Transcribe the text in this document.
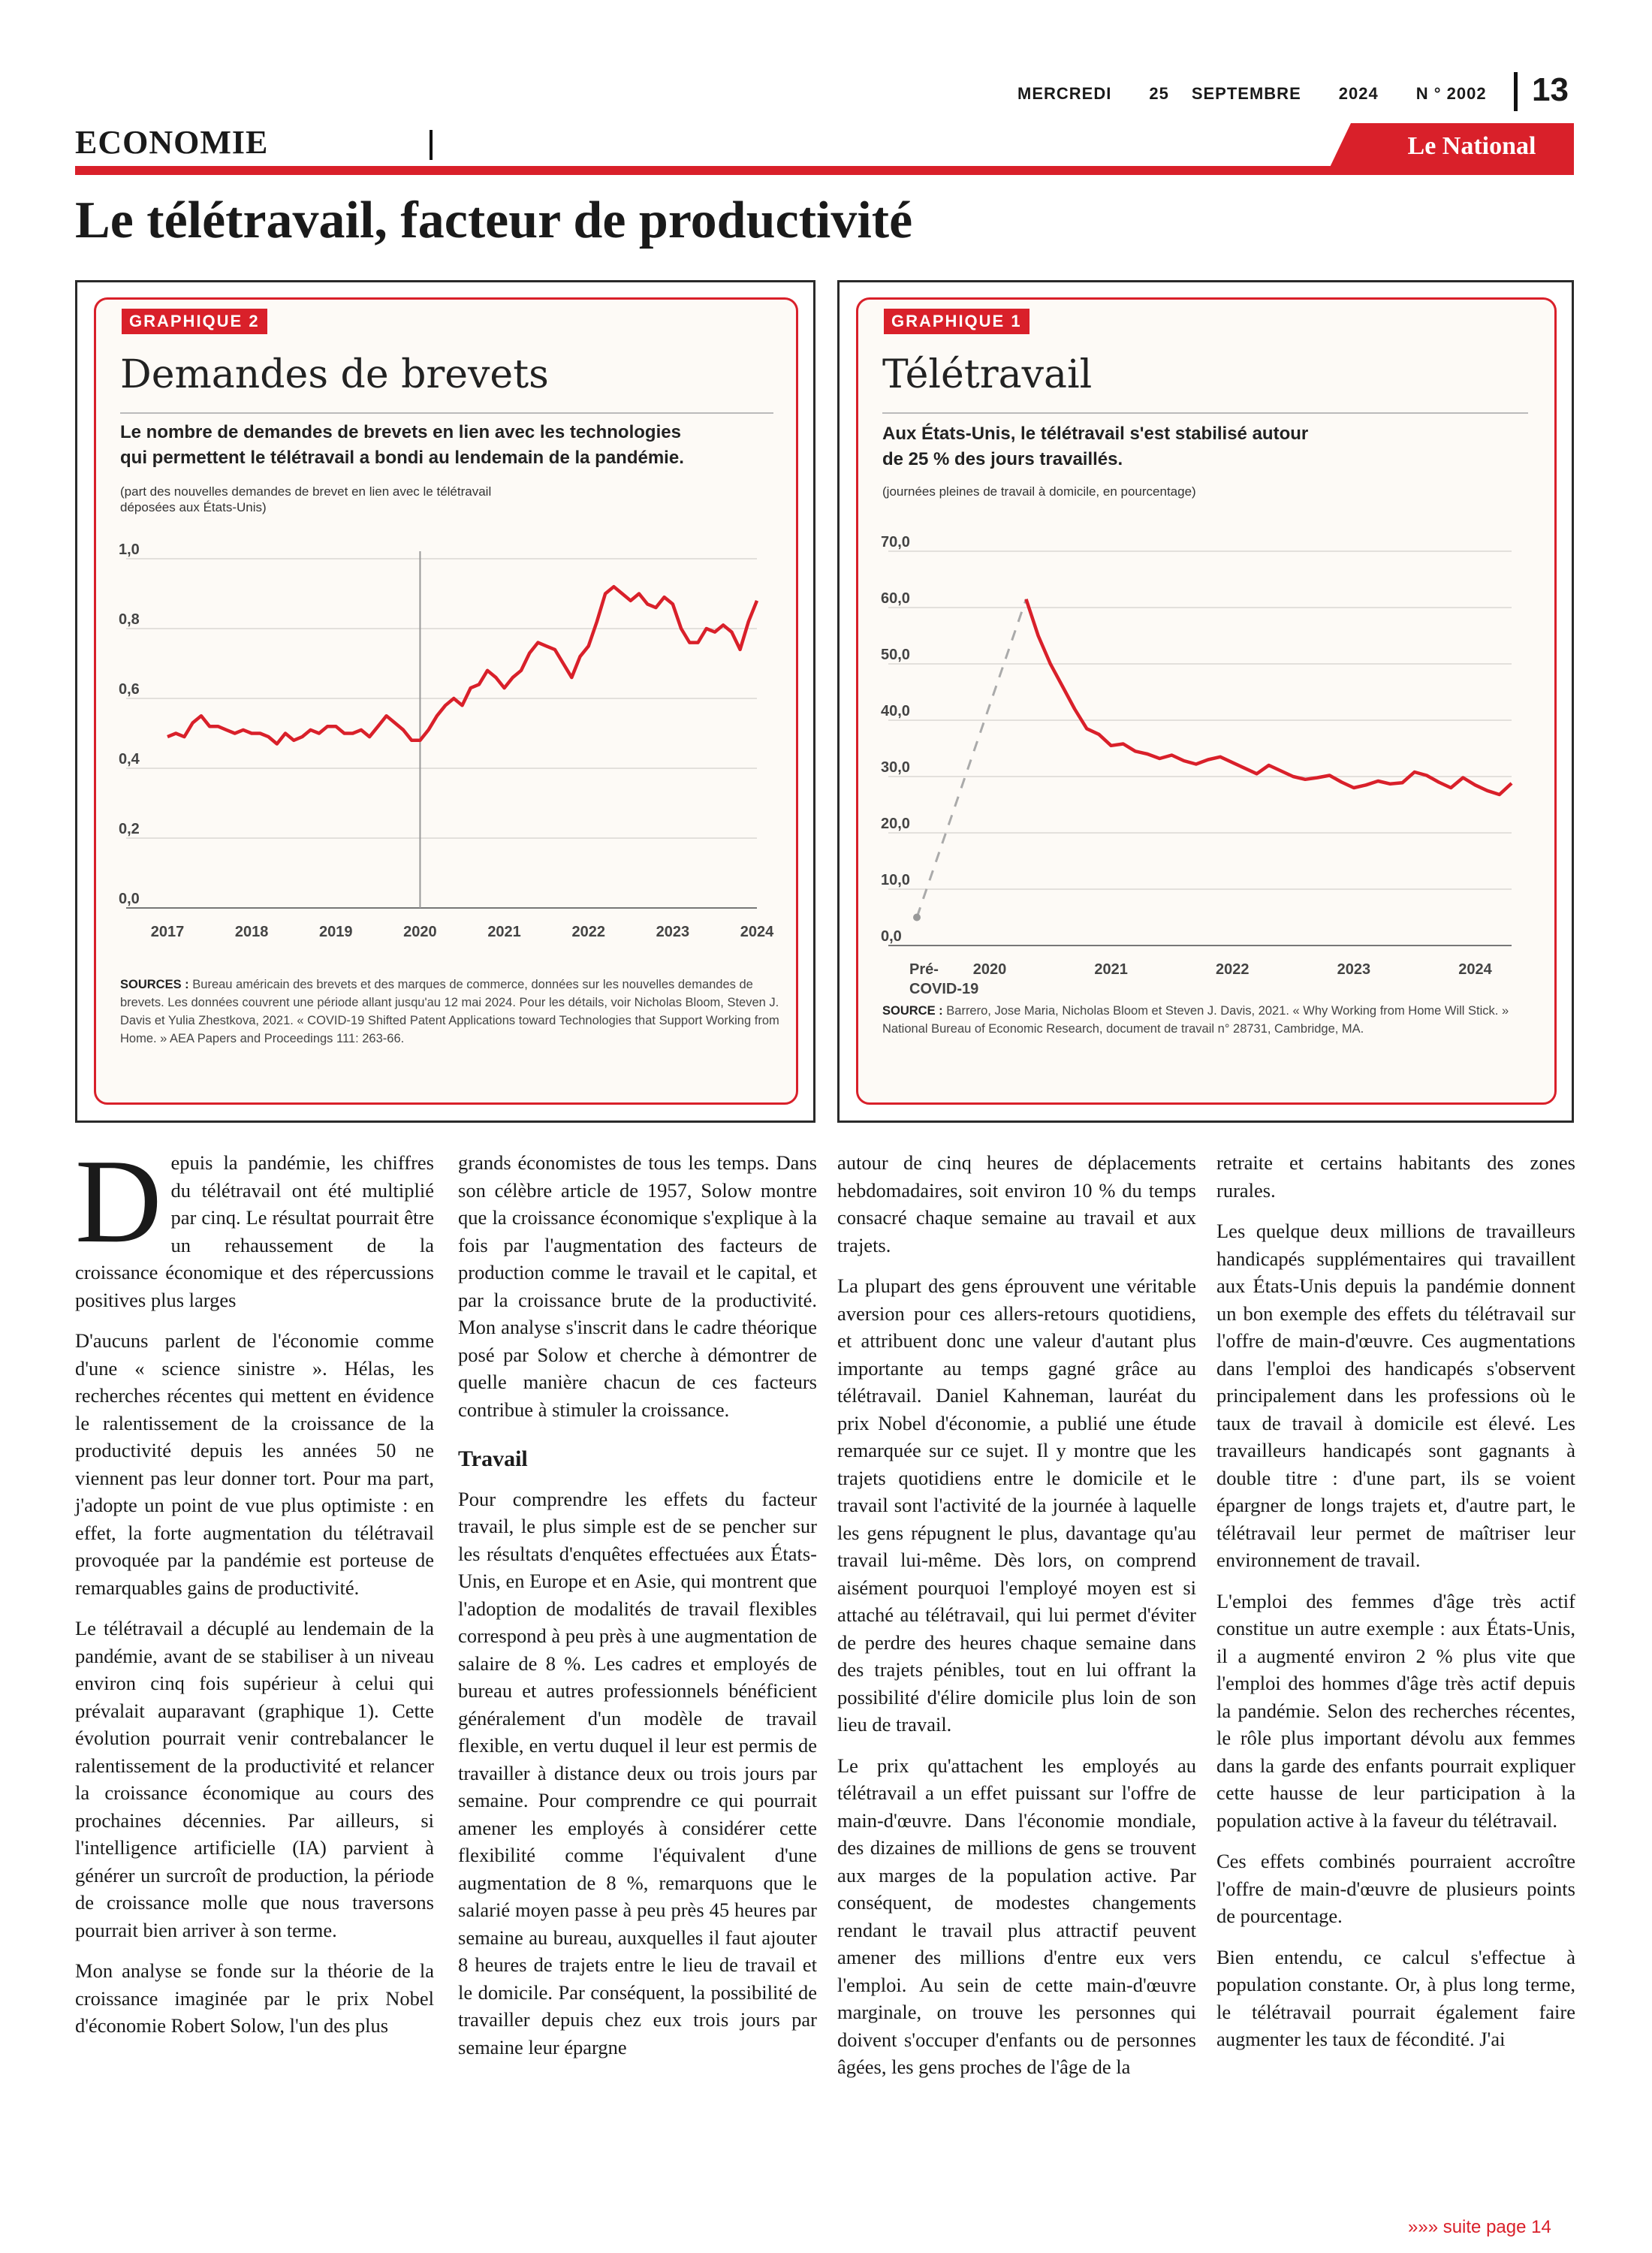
MERCREDI 25 SEPTEMBRE 2024 N ° 2002 13
ECONOMIE	Le National
Le télétravail, facteur de productivité
GRAPHIQUE 2
Demandes de brevets
Le nombre de demandes de brevets en lien avec les technologies
qui permettent le télétravail a bondi au lendemain de la pandémie.
(part des nouvelles demandes de brevet en lien avec le télétravail
déposées aux États-Unis)
1,0
0,8
0,6
0,4
0,2
0,0
2017	2018	2019	2020	2021	2022	2023	2024
SOURCES : Bureau américain des brevets et des marques de commerce, données sur les nouvelles demandes de brevets. Les données couvrent une période allant jusqu'au 12 mai 2024. Pour les détails, voir Nicholas Bloom, Steven J. Davis et Yulia Zhestkova, 2021. « COVID-19 Shifted Patent Applications toward Technologies that Support Working from Home. » AEA Papers and Proceedings 111: 263-66.
GRAPHIQUE 1
Télétravail
Aux États-Unis, le télétravail s'est stabilisé autour
de 25 % des jours travaillés.
(journées pleines de travail à domicile, en pourcentage)
70,0
60,0
50,0
40,0
30,0
20,0
10,0
0,0
2020	2021	2022	2023	2024
Pré-
COVID-19
SOURCE : Barrero, Jose Maria, Nicholas Bloom et Steven J. Davis, 2021. « Why Working from Home Will Stick. » National Bureau of Economic Research, document de travail n° 28731, Cambridge, MA.

Depuis la pandémie, les chiffres du télétravail ont été multiplié par cinq. Le résultat pourrait être un rehaussement de la croissance économique et des répercussions positives plus larges

D'aucuns parlent de l'économie comme d'une « science sinistre ». Hélas, les recherches récentes qui mettent en évidence le ralentissement de la croissance de la productivité depuis les années 50 ne viennent pas leur donner tort. Pour ma part, j'adopte un point de vue plus optimiste : en effet, la forte augmentation du télétravail provoquée par la pandémie est porteuse de remarquables gains de productivité.

Le télétravail a décuplé au lendemain de la pandémie, avant de se stabiliser à un niveau environ cinq fois supérieur à celui qui prévalait auparavant (graphique 1). Cette évolution pourrait venir contrebalancer le ralentissement de la productivité et relancer la croissance économique au cours des prochaines décennies. Par ailleurs, si l'intelligence artificielle (IA) parvient à générer un surcroît de production, la période de croissance molle que nous traversons pourrait bien arriver à son terme.

Mon analyse se fonde sur la théorie de la croissance imaginée par le prix Nobel d'économie Robert Solow, l'un des plus

grands économistes de tous les temps. Dans son célèbre article de 1957, Solow montre que la croissance économique s'explique à la fois par l'augmentation des facteurs de production comme le travail et le capital, et par la croissance brute de la productivité. Mon analyse s'inscrit dans le cadre théorique posé par Solow et cherche à démontrer de quelle manière chacun de ces facteurs contribue à stimuler la croissance.

Travail

Pour comprendre les effets du facteur travail, le plus simple est de se pencher sur les résultats d'enquêtes effectuées aux États-Unis, en Europe et en Asie, qui montrent que l'adoption de modalités de travail flexibles correspond à peu près à une augmentation de salaire de 8 %. Les cadres et employés de bureau et autres professionnels bénéficient généralement d'un modèle de travail flexible, en vertu duquel il leur est permis de travailler à distance deux ou trois jours par semaine. Pour comprendre ce qui pourrait amener les employés à considérer cette flexibilité comme l'équivalent d'une augmentation de 8 %, remarquons que le salarié moyen passe à peu près 45 heures par semaine au bureau, auxquelles il faut ajouter 8 heures de trajets entre le lieu de travail et le domicile. Par conséquent, la possibilité de travailler depuis chez eux trois jours par semaine leur épargne

autour de cinq heures de déplacements hebdomadaires, soit environ 10 % du temps consacré chaque semaine au travail et aux trajets.

La plupart des gens éprouvent une véritable aversion pour ces allers-retours quotidiens, et attribuent donc une valeur d'autant plus importante au temps gagné grâce au télétravail. Daniel Kahneman, lauréat du prix Nobel d'économie, a publié une étude remarquée sur ce sujet. Il y montre que les trajets quotidiens entre le domicile et le travail sont l'activité de la journée à laquelle les gens répugnent le plus, davantage qu'au travail lui-même. Dès lors, on comprend aisément pourquoi l'employé moyen est si attaché au télétravail, qui lui permet d'éviter de perdre des heures chaque semaine dans des trajets pénibles, tout en lui offrant la possibilité d'élire domicile plus loin de son lieu de travail.

Le prix qu'attachent les employés au télétravail a un effet puissant sur l'offre de main-d'œuvre. Dans l'économie mondiale, des dizaines de millions de gens se trouvent aux marges de la population active. Par conséquent, de modestes changements rendant le travail plus attractif peuvent amener des millions d'entre eux vers l'emploi. Au sein de cette main-d'œuvre marginale, on trouve les personnes qui doivent s'occuper d'enfants ou de personnes âgées, les gens proches de l'âge de la

retraite et certains habitants des zones rurales.

Les quelque deux millions de travailleurs handicapés supplémentaires qui travaillent aux États-Unis depuis la pandémie donnent un bon exemple des effets du télétravail sur l'offre de main-d'œuvre. Ces augmentations dans l'emploi des handicapés s'observent principalement dans les professions où le taux de travail à domicile est élevé. Les travailleurs handicapés sont gagnants à double titre : d'une part, ils se voient épargner de longs trajets et, d'autre part, le télétravail leur permet de maîtriser leur environnement de travail.

L'emploi des femmes d'âge très actif constitue un autre exemple : aux États-Unis, il a augmenté environ 2 % plus vite que l'emploi des hommes d'âge très actif depuis la pandémie. Selon des recherches récentes, le rôle plus important dévolu aux femmes dans la garde des enfants pourrait expliquer cette hausse de leur participation à la population active à la faveur du télétravail.

Ces effets combinés pourraient accroître l'offre de main-d'œuvre de plusieurs points de pourcentage.

Bien entendu, ce calcul s'effectue à population constante. Or, à plus long terme, le télétravail pourrait également faire augmenter les taux de fécondité. J'ai

»»» suite page 14
